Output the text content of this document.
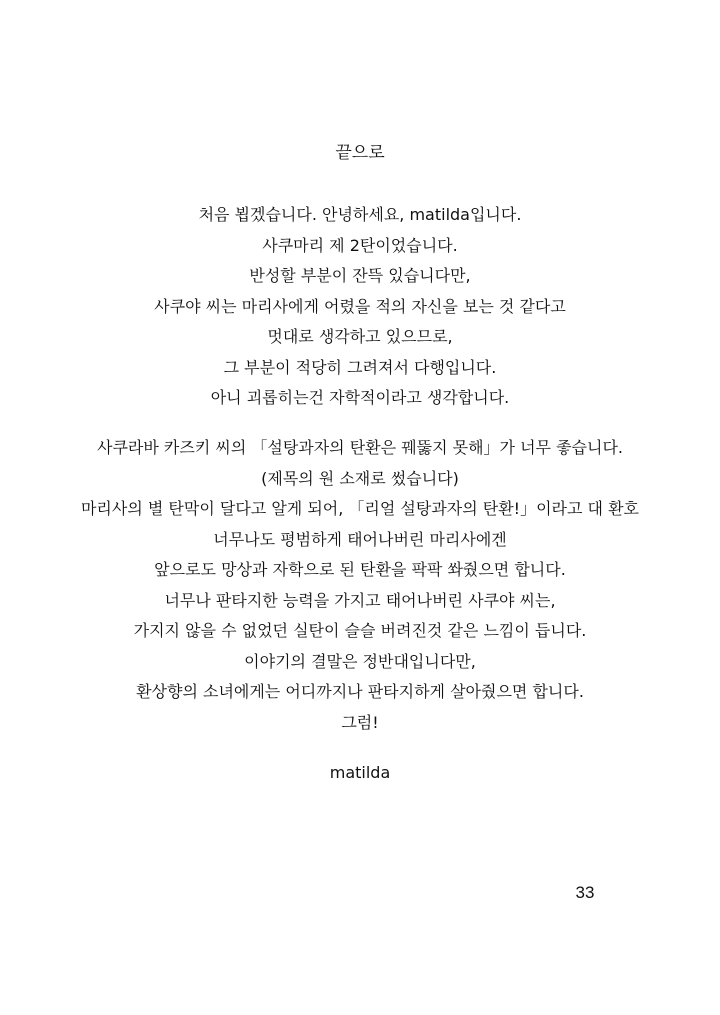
끝으로
처음 뵙겠습니다. 안녕하세요, matilda입니다.
사쿠마리 제 2탄이었습니다.
반성할 부분이 잔뜩 있습니다만,
사쿠야 씨는 마리사에게 어렸을 적의 자신을 보는 것 같다고
멋대로 생각하고 있으므로,
그 부분이 적당히 그려져서 다행입니다.
아니 괴롭히는건 자학적이라고 생각합니다.
사쿠라바 카즈키 씨의 「설탕과자의 탄환은 꿰뚫지 못해」가 너무 좋습니다.
(제목의 원 소재로 썼습니다)
마리사의 별 탄막이 달다고 알게 되어, 「리얼 설탕과자의 탄환!」이라고 대 환호
너무나도 평범하게 태어나버린 마리사에겐
앞으로도 망상과 자학으로 된 탄환을 팍팍 쏴줬으면 합니다.
너무나 판타지한 능력을 가지고 태어나버린 사쿠야 씨는,
가지지 않을 수 없었던 실탄이 슬슬 버려진것 같은 느낌이 듭니다.
이야기의 결말은 정반대입니다만,
환상향의 소녀에게는 어디까지나 판타지하게 살아줬으면 합니다.
그럼!
matilda
33
